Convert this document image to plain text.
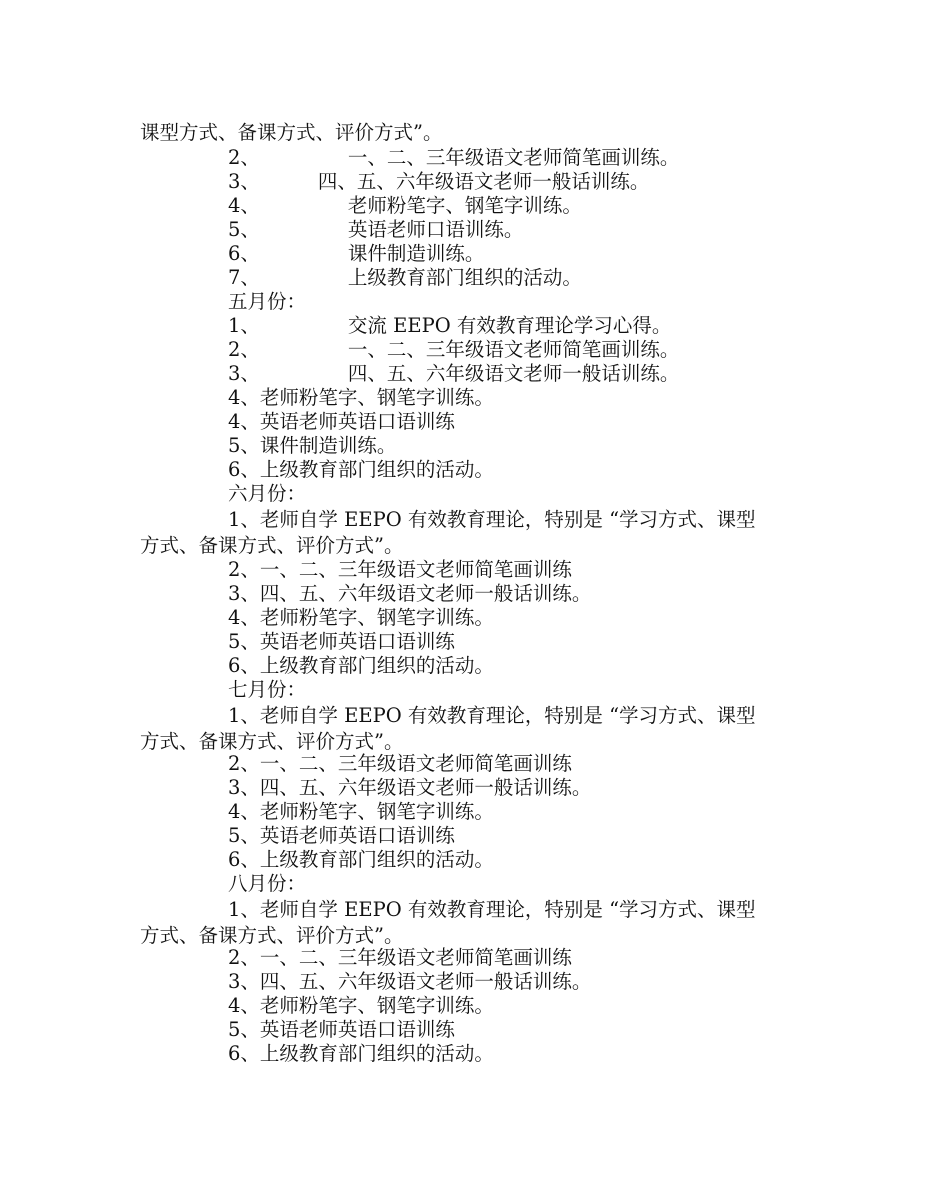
课型方式、备课方式、评价方式”。
2、	一、二、三年级语文老师简笔画训练。
3、	四、五、六年级语文老师一般话训练。
4、	老师粉笔字、钢笔字训练。
5、	英语老师口语训练。
6、	课件制造训练。
7、	上级教育部门组织的活动。
五月份：
1、	交流 EEPO 有效教育理论学习心得。
2、	一、二、三年级语文老师简笔画训练。
3、	四、五、六年级语文老师一般话训练。
4、老师粉笔字、钢笔字训练。
4、英语老师英语口语训练
5、课件制造训练。
6、上级教育部门组织的活动。
六月份：
1、老师自学 EEPO 有效教育理论，特别是 “学习方式、课型
方式、备课方式、评价方式”。
2、一、二、三年级语文老师简笔画训练
3、四、五、六年级语文老师一般话训练。
4、老师粉笔字、钢笔字训练。
5、英语老师英语口语训练
6、上级教育部门组织的活动。
七月份：
1、老师自学 EEPO 有效教育理论，特别是 “学习方式、课型
方式、备课方式、评价方式”。
2、一、二、三年级语文老师简笔画训练
3、四、五、六年级语文老师一般话训练。
4、老师粉笔字、钢笔字训练。
5、英语老师英语口语训练
6、上级教育部门组织的活动。
八月份：
1、老师自学 EEPO 有效教育理论，特别是 “学习方式、课型
方式、备课方式、评价方式”。
2、一、二、三年级语文老师简笔画训练
3、四、五、六年级语文老师一般话训练。
4、老师粉笔字、钢笔字训练。
5、英语老师英语口语训练
6、上级教育部门组织的活动。
